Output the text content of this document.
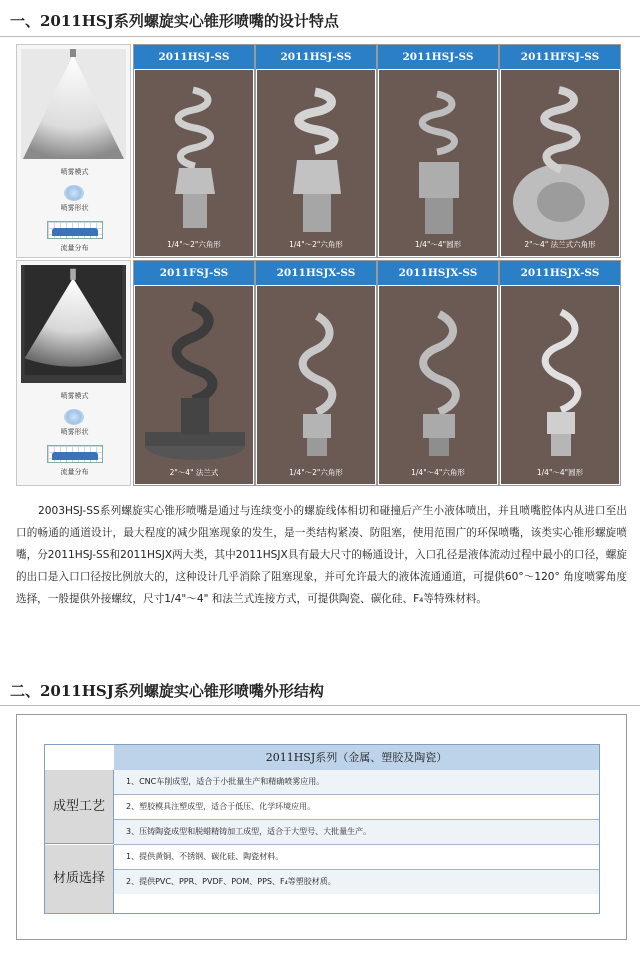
一、2011HSJ系列螺旋实心锥形喷嘴的设计特点
喷雾模式
喷雾形状
流量分布
喷雾模式
喷雾形状
流量分布
2011HSJ-SS
1/4"～2"六角形
2011HSJ-SS
1/4"～2"六角形
2011HSJ-SS
1/4"～4"圆形
2011HFSJ-SS
2"～4" 法兰式六角形
2011FSJ-SS
2"～4" 法兰式
2011HSJX-SS
1/4"～2"六角形
2011HSJX-SS
1/4"～4"六角形
2011HSJX-SS
1/4"～4"圆形
2003HSJ-SS系列螺旋实心锥形喷嘴是通过与连续变小的螺旋线体相切和碰撞后产生小液体喷出，并且喷嘴腔体内从进口至出口的畅通的通道设计，最大程度的减少阻塞现象的发生，是一类结构紧凑、防阻塞，使用范围广的环保喷嘴，该类实心锥形螺旋喷嘴，分2011HSJ-SS和2011HSJX两大类，其中2011HSJX具有最大尺寸的畅通设计，入口孔径是液体流动过程中最小的口径，螺旋的出口是入口口径按比例放大的，这种设计几乎消除了阻塞现象，并可允许最大的液体流通通道，可提供60°～120° 角度喷雾角度选择，一般提供外接螺纹，尺寸1/4"～4" 和法兰式连接方式，可提供陶瓷、碳化硅、F₄等特殊材料。
二、2011HSJ系列螺旋实心锥形喷嘴外形结构
2011HSJ系列（金属、塑胶及陶瓷）
成型工艺
1、CNC车削成型，适合于小批量生产和精确喷雾应用。
2、塑胶模具注塑成型，适合于低压、化学环境应用。
3、压铸陶瓷成型和脱蜡精铸加工成型，适合于大型号、大批量生产。
材质选择
1、提供黄铜、不锈钢、碳化硅、陶瓷材料。
2、提供PVC、PPR、PVDF、POM、PPS、F₄等塑胶材质。
